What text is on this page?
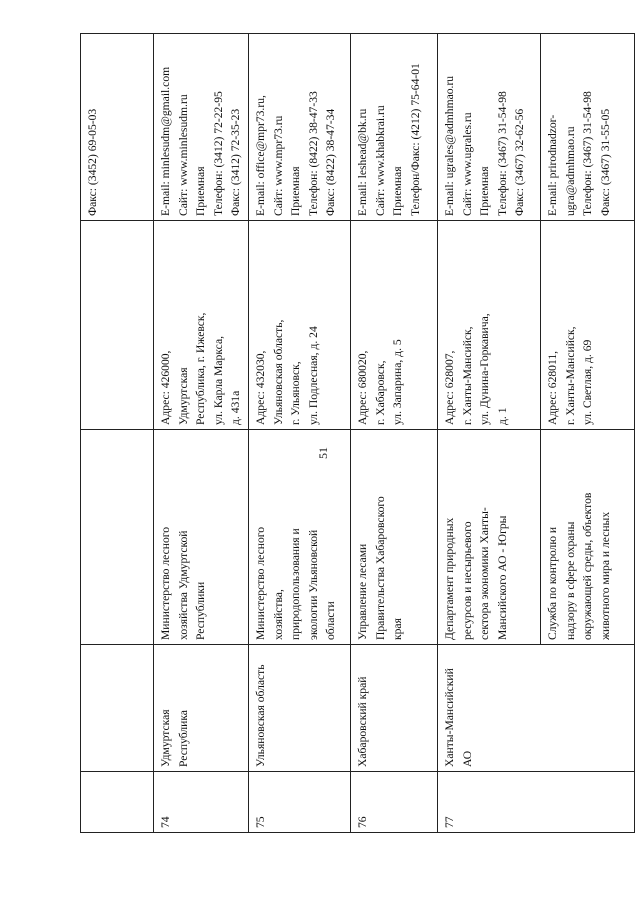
51

				Факс: (3452) 69-05-03

74	Удмуртская Республика	Министерство лесного хозяйства Удмуртской Республики	Адрес: 426000, Удмуртская Республика, г. Ижевск, ул. Карла Маркса, д. 431а	E-mail: minlesudm@gmail.com Сайт: www.minlesudm.ru Приемная Телефон: (3412) 72-22-95 Факс: (3412) 72-35-23

75	Ульяновская область	Министерство лесного хозяйства, природопользования и экологии Ульяновской области	Адрес: 432030, Ульяновская область, г. Ульяновск, ул. Подлесная, д. 24	E-mail: office@mpr73.ru, Сайт: www.mpr73.ru Приемная Телефон: (8422) 38-47-33 Факс: (8422) 38-47-34

76	Хабаровский край	Управление лесами Правительства Хабаровского края	Адрес: 680020, г. Хабаровск, ул. Запарина, д. 5	E-mail: leshead@bk.ru Сайт: www.khabkrai.ru Приемная Телефон/Факс: (4212) 75-64-01

77	Ханты-Мансийский АО	Департамент природных ресурсов и несырьевого сектора экономики Ханты- Мансийского АО - Югры	Адрес: 628007, г. Ханты-Мансийск, ул. Дунина-Горкавича, д. 1	E-mail: ugrales@admhmao.ru Сайт: www.ugrales.ru Приемная Телефон: (3467) 31-54-98 Факс: (3467) 32-62-56

		Служба по контролю и надзору в сфере охраны окружающей среды, объектов животного мира и лесных	Адрес: 628011, г. Ханты-Мансийск, ул. Светлая, д. 69	E-mail: prirodnadzor- ugra@admhmao.ru Телефон: (3467) 31-54-98 Факс: (3467) 31-55-05
